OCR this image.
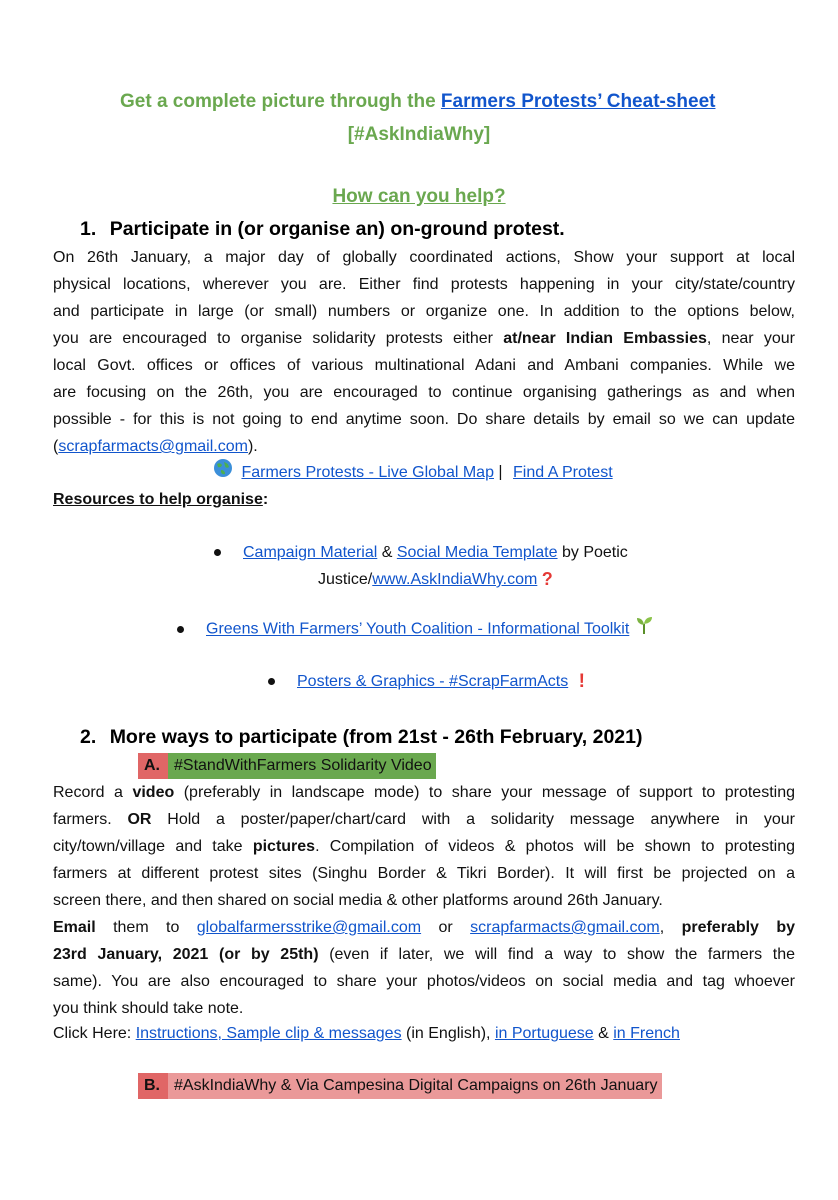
Get a complete picture through the Farmers Protests’ Cheat-sheet
[#AskIndiaWhy]
How can you help?
1. Participate in (or organise an) on-ground protest.
On 26th January, a major day of globally coordinated actions, Show your support at local
physical locations, wherever you are. Either find protests happening in your city/state/country
and participate in large (or small) numbers or organize one. In addition to the options below,
you are encouraged to organise solidarity protests either at/near Indian Embassies, near your
local Govt. offices or offices of various multinational Adani and Ambani companies. While we
are focusing on the 26th, you are encouraged to continue organising gatherings as and when
possible - for this is not going to end anytime soon. Do share details by email so we can update
(scrapfarmacts@gmail.com).
Farmers Protests - Live Global Map | Find A Protest
Resources to help organise:
Campaign Material & Social Media Template by Poetic
Justice/www.AskIndiaWhy.com ?
Greens With Farmers’ Youth Coalition - Informational Toolkit
Posters & Graphics - #ScrapFarmActs !
2. More ways to participate (from 21st - 26th February, 2021)
A. #StandWithFarmers Solidarity Video
Record a video (preferably in landscape mode) to share your message of support to protesting
farmers. OR Hold a poster/paper/chart/card with a solidarity message anywhere in your
city/town/village and take pictures. Compilation of videos & photos will be shown to protesting
farmers at different protest sites (Singhu Border & Tikri Border). It will first be projected on a
screen there, and then shared on social media & other platforms around 26th January.
Email them to globalfarmersstrike@gmail.com or scrapfarmacts@gmail.com, preferably by
23rd January, 2021 (or by 25th) (even if later, we will find a way to show the farmers the
same). You are also encouraged to share your photos/videos on social media and tag whoever
you think should take note.
Click Here: Instructions, Sample clip & messages (in English), in Portuguese & in French
B. #AskIndiaWhy & Via Campesina Digital Campaigns on 26th January
